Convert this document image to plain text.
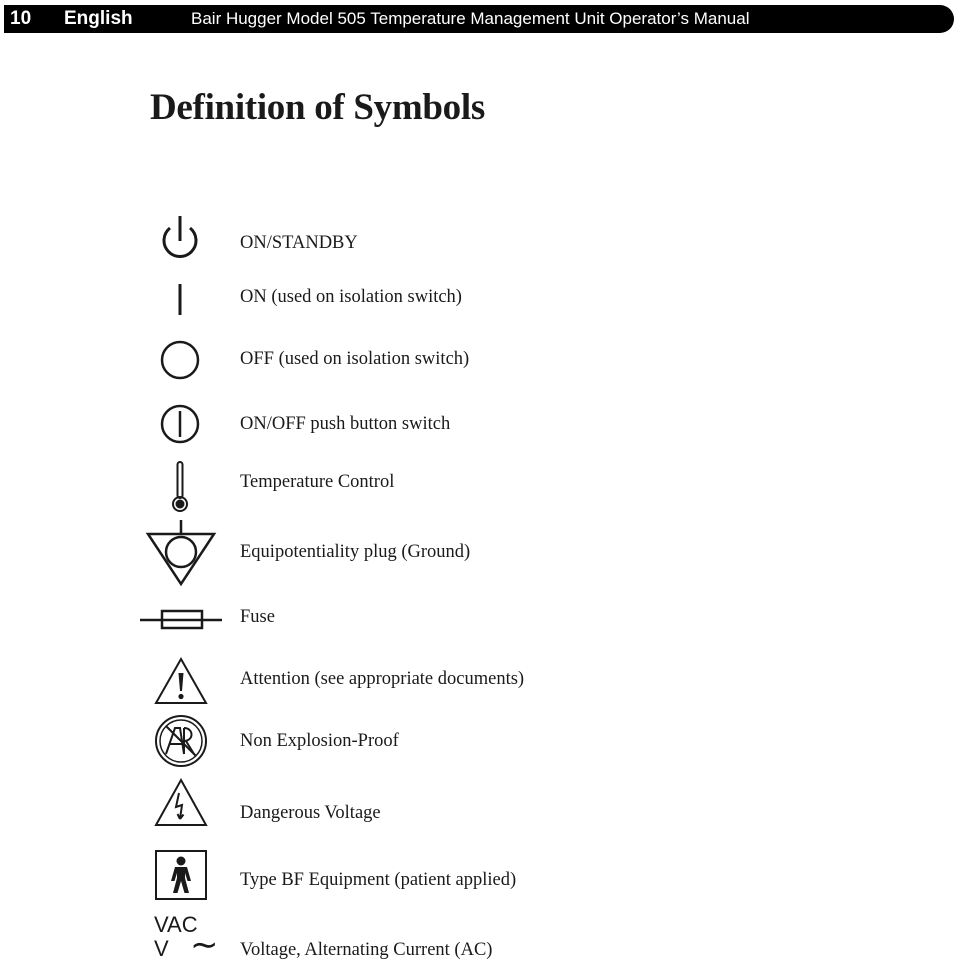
10 English	Bair Hugger Model 505 Temperature Management Unit Operator’s Manual
Definition of Symbols
ON/STANDBY
ON (used on isolation switch)
OFF (used on isolation switch)
ON/OFF push button switch
Temperature Control
Equipotentiality plug (Ground)
Fuse
Attention (see appropriate documents)
Non Explosion-Proof
Dangerous Voltage
Type BF Equipment (patient applied)
VAC
V ∼ Voltage, Alternating Current (AC)
